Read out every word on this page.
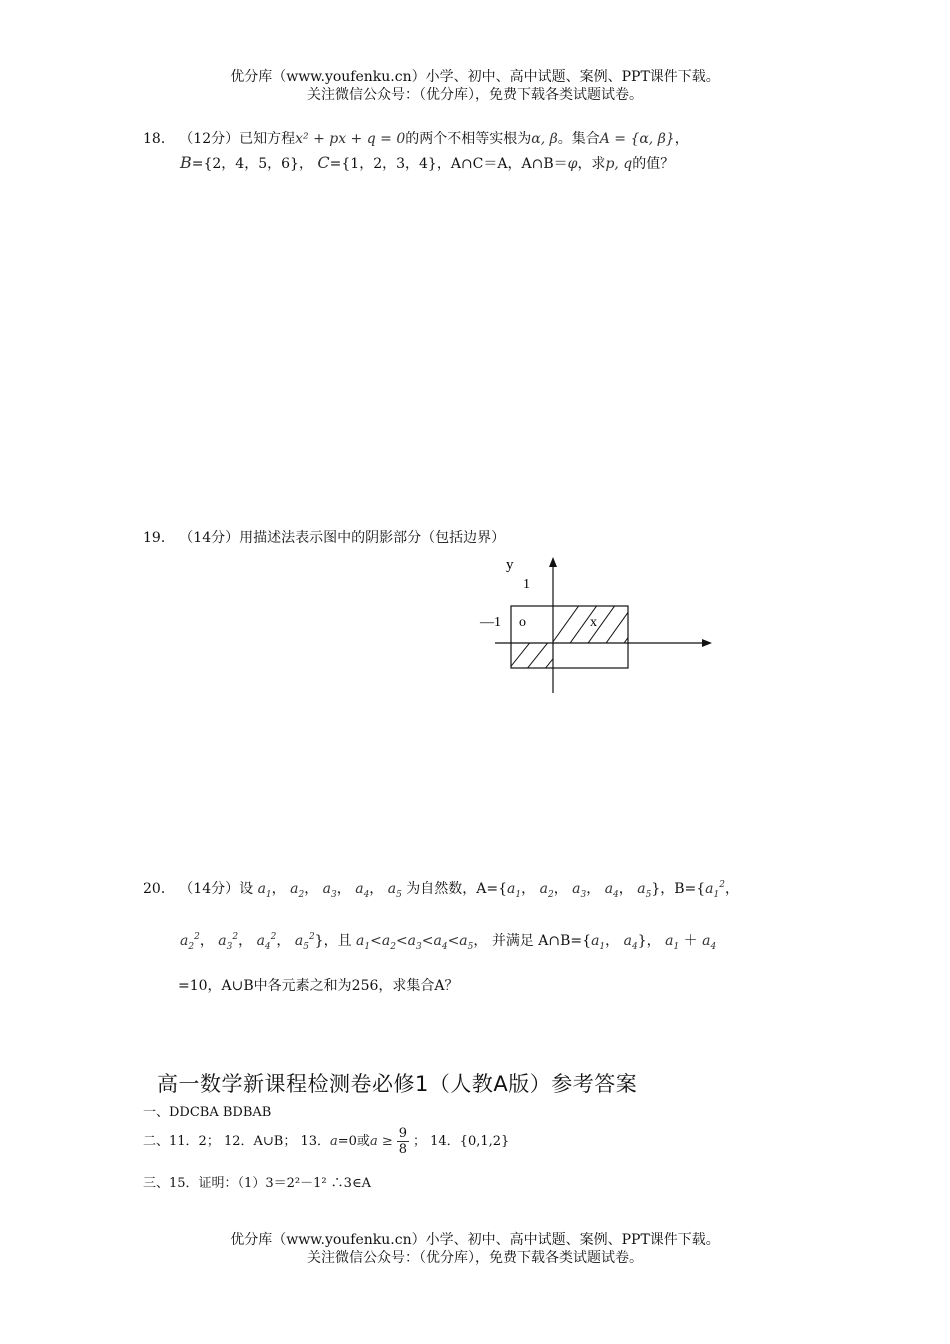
优分库（www.youfenku.cn）小学、初中、高中试题、案例、PPT课件下载。
关注微信公众号：（优分库），免费下载各类试题试卷。
18． （12分）已知方程x² + px + q = 0的两个不相等实根为α, β。集合A = {α, β}，
B={2，4，5，6}， C={1，2，3，4}，A∩C＝A，A∩B＝φ，求p, q的值？
19． （14分）用描述法表示图中的阴影部分（包括边界）
y
1
—1 o	x
20． （14分）设 $a_1$， $a_2$， $a_3$， $a_4$， $a_5$ 为自然数，$A=\{a_1$， $a_2$， $a_3$， $a_4$， $a_5$}，$B=\{a_1^2$，
$a_2^2$， $a_3^2$， $a_4^2$， $a_5^2$}，且 $a_1<a_2<a_3<a_4<a_5$， 并满足 $A\cap B=\{a_1$， $a_4$}， $a_1 + a_4$
=10，A∪B中各元素之和为256，求集合A？
高一数学新课程检测卷必修1（人教A版）参考答案
一、DDCBA BDBAB
二、11．2； 12．A∪B； 13．a=0或$a \ge \frac{9}{8}$ ； 14．{0,1,2}
三、15．证明：（1）3＝2²－1² ∴3∈A
优分库（www.youfenku.cn）小学、初中、高中试题、案例、PPT课件下载。
关注微信公众号：（优分库），免费下载各类试题试卷。
